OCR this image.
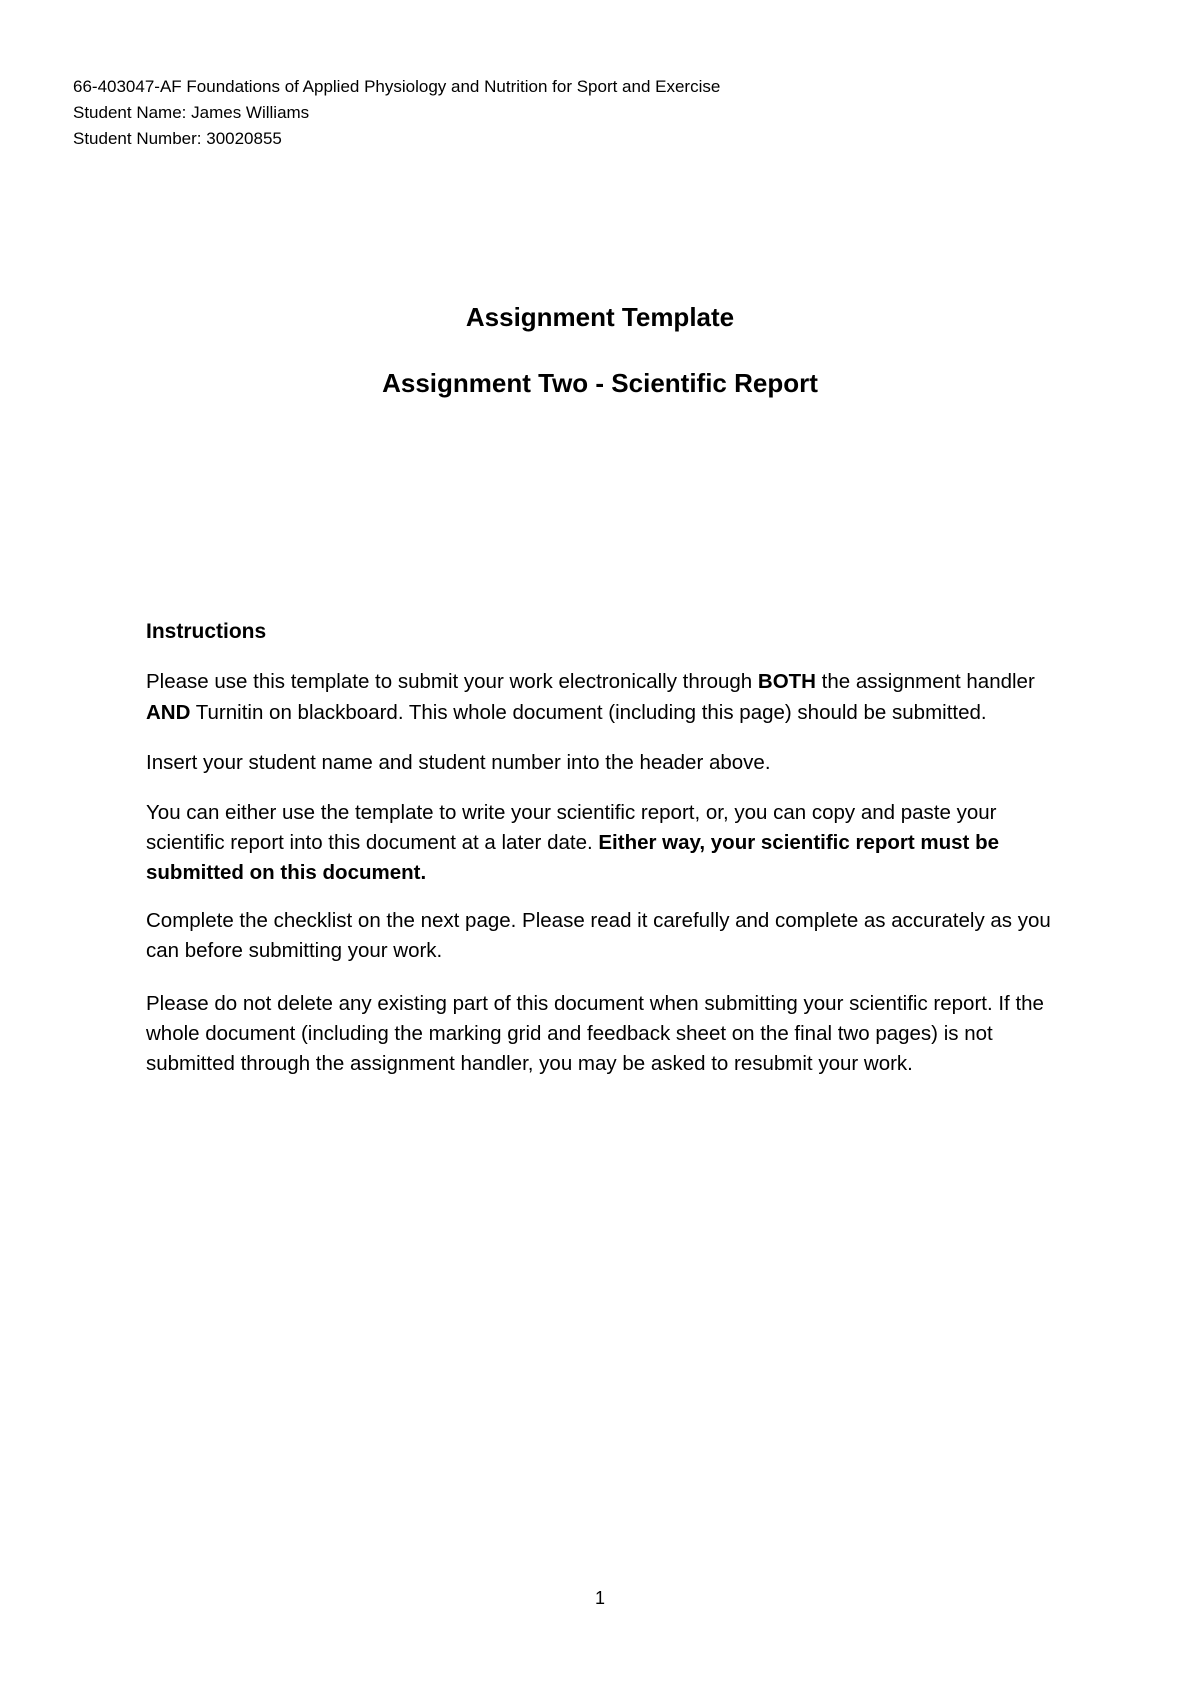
66-403047-AF Foundations of Applied Physiology and Nutrition for Sport and Exercise
Student Name: James Williams
Student Number: 30020855
Assignment Template
Assignment Two - Scientific Report
Instructions

Please use this template to submit your work electronically through BOTH the assignment handler AND Turnitin on blackboard. This whole document (including this page) should be submitted.

Insert your student name and student number into the header above.

You can either use the template to write your scientific report, or, you can copy and paste your scientific report into this document at a later date. Either way, your scientific report must be submitted on this document.

Complete the checklist on the next page. Please read it carefully and complete as accurately as you can before submitting your work.

Please do not delete any existing part of this document when submitting your scientific report. If the whole document (including the marking grid and feedback sheet on the final two pages) is not submitted through the assignment handler, you may be asked to resubmit your work.

1
